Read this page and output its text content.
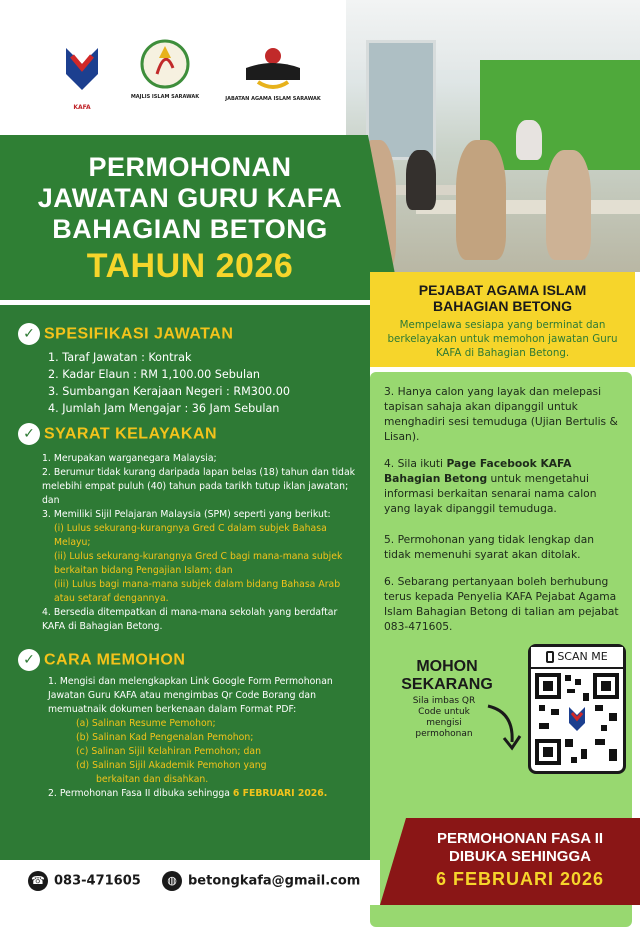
KAFA
MAJLIS ISLAM SARAWAK	JABATAN AGAMA ISLAM SARAWAK
PERMOHONAN
JAWATAN GURU KAFA
BAHAGIAN BETONG
TAHUN 2026
✓ SPESIFIKASI JAWATAN
1. Taraf Jawatan : Kontrak
2. Kadar Elaun : RM 1,100.00 Sebulan
3. Sumbangan Kerajaan Negeri : RM300.00
4. Jumlah Jam Mengajar : 36 Jam Sebulan
✓ SYARAT KELAYAKAN
1. Merupakan warganegara Malaysia;
2. Berumur tidak kurang daripada lapan belas (18) tahun dan tidak melebihi empat puluh (40) tahun pada tarikh tutup iklan jawatan; dan
3. Memiliki Sijil Pelajaran Malaysia (SPM) seperti yang berikut:
(i) Lulus sekurang-kurangnya Gred C dalam subjek Bahasa Melayu;
(ii) Lulus sekurang-kurangnya Gred C bagi mana-mana subjek berkaitan bidang Pengajian Islam; dan
(iii) Lulus bagi mana-mana subjek dalam bidang Bahasa Arab atau setaraf dengannya.
4. Bersedia ditempatkan di mana-mana sekolah yang berdaftar KAFA di Bahagian Betong.
✓ CARA MEMOHON
1. Mengisi dan melengkapkan Link Google Form Permohonan Jawatan Guru KAFA atau mengimbas Qr Code Borang dan memuatnaik dokumen berkenaan dalam Format PDF:
(a) Salinan Resume Pemohon;
(b) Salinan Kad Pengenalan Pemohon;
(c) Salinan Sijil Kelahiran Pemohon; dan
(d) Salinan Sijil Akademik Pemohon yang
berkaitan dan disahkan.
2. Permohonan Fasa II dibuka sehingga 6 FEBRUARI 2026.
PEJABAT AGAMA ISLAM
BAHAGIAN BETONG
Mempelawa sesiapa yang berminat dan berkelayakan untuk memohon jawatan Guru KAFA di Bahagian Betong.
3. Hanya calon yang layak dan melepasi tapisan sahaja akan dipanggil untuk menghadiri sesi temuduga (Ujian Bertulis & Lisan).
4. Sila ikuti Page Facebook KAFA Bahagian Betong untuk mengetahui informasi berkaitan senarai nama calon yang layak dipanggil temuduga.
5. Permohonan yang tidak lengkap dan tidak memenuhi syarat akan ditolak.
6. Sebarang pertanyaan boleh berhubung terus kepada Penyelia KAFA Pejabat Agama Islam Bahagian Betong di talian am pejabat 083-471605.
MOHON
SEKARANG
Sila imbas QR Code untuk mengisi permohonan
SCAN ME
☎ 083-471605	◍ betongkafa@gmail.com
PERMOHONAN FASA II
DIBUKA SEHINGGA
6 FEBRUARI 2026
